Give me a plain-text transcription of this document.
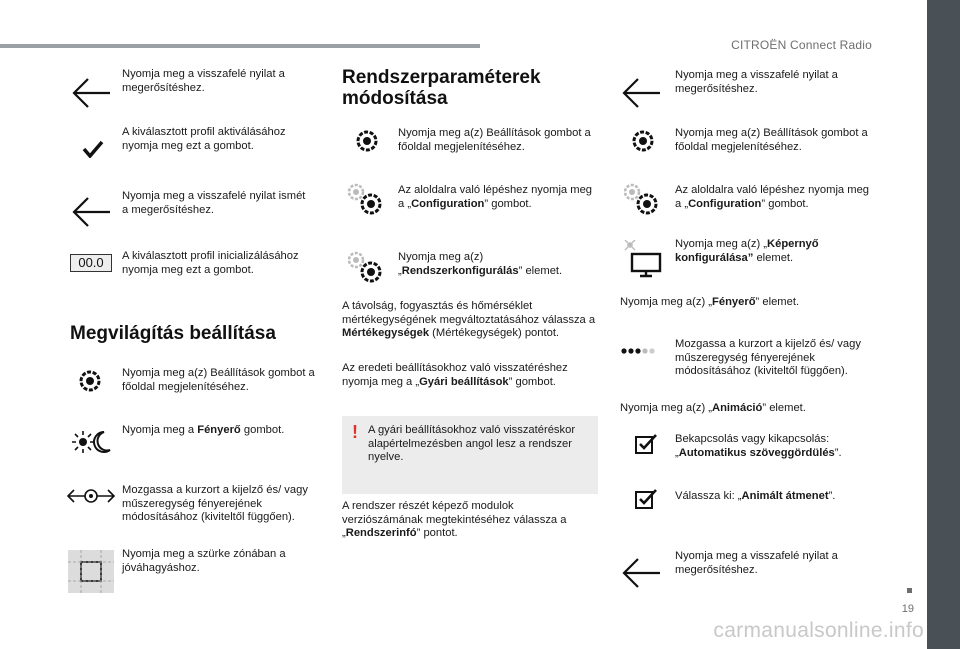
CITROËN Connect Radio
19
carmanualsonline.info
Nyomja meg a visszafelé nyilat a megerősítéshez.
A kiválasztott profil aktiválásához nyomja meg ezt a gombot.
Nyomja meg a visszafelé nyilat ismét a megerősítéshez.
00.0	A kiválasztott profil inicializálásához nyomja meg ezt a gombot.
Megvilágítás beállítása
Nyomja meg a(z) Beállítások gombot a főoldal megjelenítéséhez.
Nyomja meg a Fényerő gombot.
Mozgassa a kurzort a kijelző és/ vagy műszeregység fényerejének módosításához (kiviteltől függően).
Nyomja meg a szürke zónában a jóváhagyáshoz.
Rendszerparaméterek
módosítása
Nyomja meg a(z) Beállítások gombot a főoldal megjelenítéséhez.
Az aloldalra való lépéshez nyomja meg a „Configuration” gombot.
Nyomja meg a(z) „Rendszerkonfigurálás” elemet.
A távolság, fogyasztás és hőmérséklet mértékegységének megváltoztatásához válassza a Mértékegységek (Mértékegységek) pontot.
Az eredeti beállításokhoz való visszatéréshez nyomja meg a „Gyári beállítások” gombot.
! A gyári beállításokhoz való visszatéréskor alapértelmezésben angol lesz a rendszer nyelve.
A rendszer részét képező modulok verziószámának megtekintéséhez válassza a „Rendszerinfó” pontot.
Nyomja meg a visszafelé nyilat a megerősítéshez.
Nyomja meg a(z) Beállítások gombot a főoldal megjelenítéséhez.
Az aloldalra való lépéshez nyomja meg a „Configuration” gombot.
Nyomja meg a(z) „Képernyő konfigurálása” elemet.
Nyomja meg a(z) „Fényerő” elemet.
Mozgassa a kurzort a kijelző és/ vagy műszeregység fényerejének módosításához (kiviteltől függően).
Nyomja meg a(z) „Animáció” elemet.
Bekapcsolás vagy kikapcsolás: „Automatikus szöveggördülés”.
Válassza ki: „Animált átmenet”.
Nyomja meg a visszafelé nyilat a megerősítéshez.
